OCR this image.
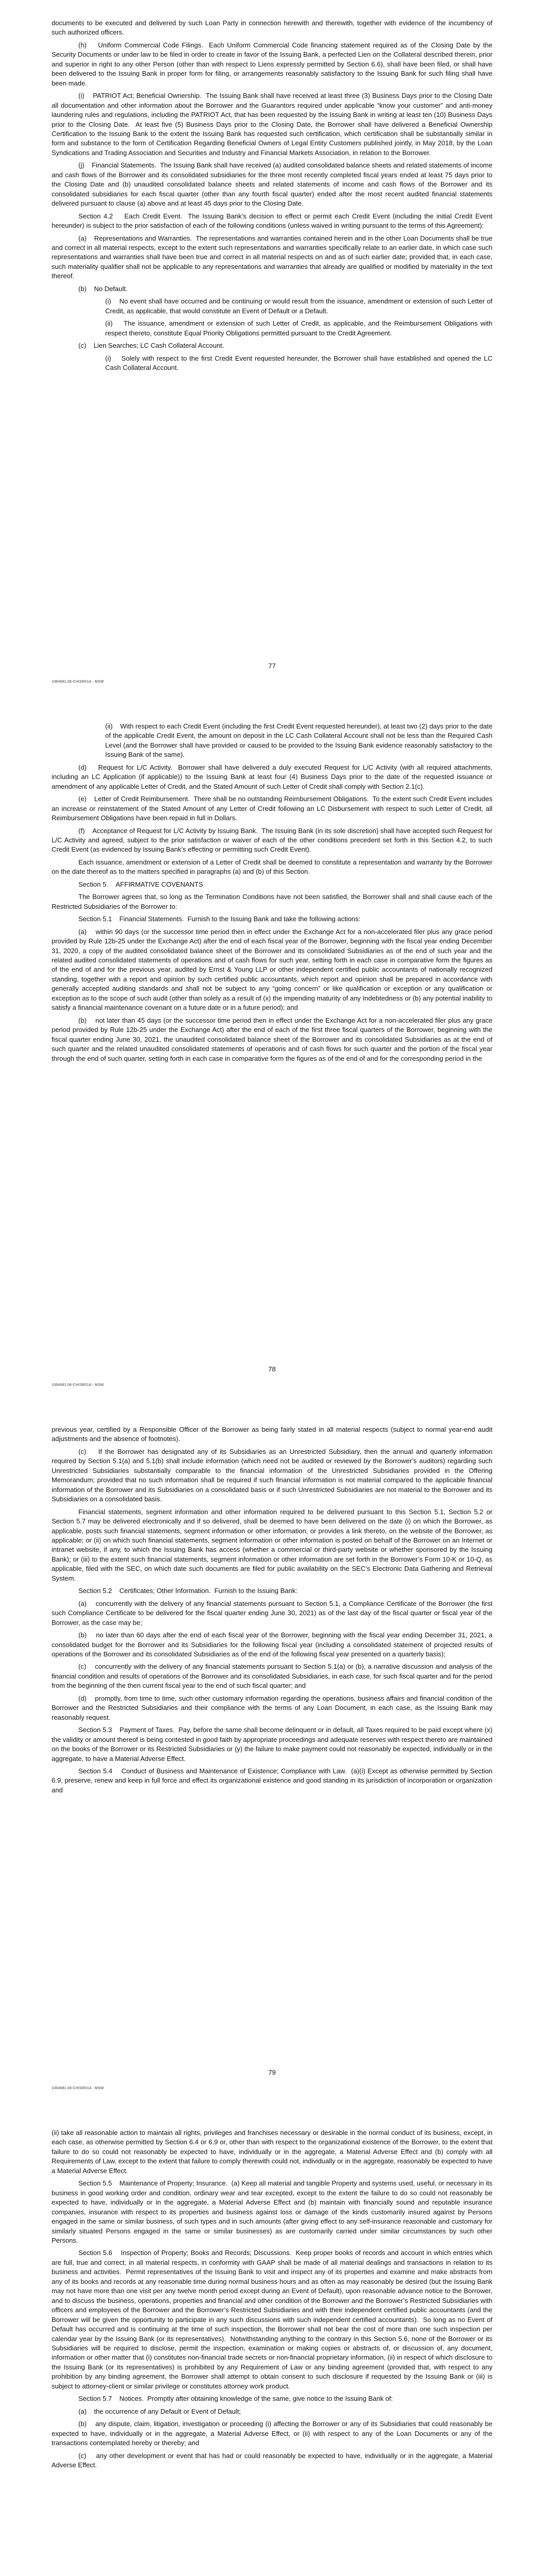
documents to be executed and delivered by such Loan Party in connection herewith and therewith, together with evidence of the incumbency of such authorized officers.

(h)    Uniform Commercial Code Filings.  Each Uniform Commercial Code financing statement required as of the Closing Date by the Security Documents or under law to be filed in order to create in favor of the Issuing Bank, a perfected Lien on the Collateral described therein, prior and superior in right to any other Person (other than with respect to Liens expressly permitted by Section 6.6), shall have been filed, or shall have been delivered to the Issuing Bank in proper form for filing, or arrangements reasonably satisfactory to the Issuing Bank for such filing shall have been made.

(i)    PATRIOT Act; Beneficial Ownership.  The Issuing Bank shall have received at least three (3) Business Days prior to the Closing Date all documentation and other information about the Borrower and the Guarantors required under applicable “know your customer” and anti-money laundering rules and regulations, including the PATRIOT Act, that has been requested by the Issuing Bank in writing at least ten (10) Business Days prior to the Closing Date.  At least five (5) Business Days prior to the Closing Date, the Borrower shall have delivered a Beneficial Ownership Certification to the Issuing Bank to the extent the Issuing Bank has requested such certification, which certification shall be substantially similar in form and substance to the form of Certification Regarding Beneficial Owners of Legal Entity Customers published jointly, in May 2018, by the Loan Syndications and Trading Association and Securities and Industry and Financial Markets Association, in relation to the Borrower.

(j)    Financial Statements.  The Issuing Bank shall have received (a) audited consolidated balance sheets and related statements of income and cash flows of the Borrower and its consolidated subsidiaries for the three most recently completed fiscal years ended at least 75 days prior to the Closing Date and (b) unaudited consolidated balance sheets and related statements of income and cash flows of the Borrower and its consolidated subsidiaries for each fiscal quarter (other than any fourth fiscal quarter) ended after the most recent audited financial statements delivered pursuant to clause (a) above and at least 45 days prior to the Closing Date.

Section 4.2    Each Credit Event.  The Issuing Bank’s decision to effect or permit each Credit Event (including the initial Credit Event hereunder) is subject to the prior satisfaction of each of the following conditions (unless waived in writing pursuant to the terms of this Agreement):

(a)    Representations and Warranties.  The representations and warranties contained herein and in the other Loan Documents shall be true and correct in all material respects, except to the extent such representations and warranties specifically relate to an earlier date, in which case such representations and warranties shall have been true and correct in all material respects on and as of such earlier date; provided that, in each case, such materiality qualifier shall not be applicable to any representations and warranties that already are qualified or modified by materiality in the text thereof.

(b)    No Default.

(i)    No event shall have occurred and be continuing or would result from the issuance, amendment or extension of such Letter of Credit, as applicable, that would constitute an Event of Default or a Default.

(ii)    The issuance, amendment or extension of such Letter of Credit, as applicable, and the Reimbursement Obligations with respect thereto, constitute Equal Priority Obligations permitted pursuant to the Credit Agreement.

(c)    Lien Searches; LC Cash Collateral Account.

(i)    Solely with respect to the first Credit Event requested hereunder, the Borrower shall have established and opened the LC Cash Collateral Account.

77
1064681.06-CHISR01A - MSW

(ii)    With respect to each Credit Event (including the first Credit Event requested hereunder), at least two (2) days prior to the date of the applicable Credit Event, the amount on deposit in the LC Cash Collateral Account shall not be less than the Required Cash Level (and the Borrower shall have provided or caused to be provided to the Issuing Bank evidence reasonably satisfactory to the Issuing Bank of the same).

(d)    Request for L/C Activity.  Borrower shall have delivered a duly executed Request for L/C Activity (with all required attachments, including an LC Application (if applicable)) to the Issuing Bank at least four (4) Business Days prior to the date of the requested issuance or amendment of any applicable Letter of Credit, and the Stated Amount of such Letter of Credit shall comply with Section 2.1(c).

(e)    Letter of Credit Reimbursement.  There shall be no outstanding Reimbursement Obligations.  To the extent such Credit Event includes an increase or reinstatement of the Stated Amount of any Letter of Credit following an LC Disbursement with respect to such Letter of Credit, all Reimbursement Obligations have been repaid in full in Dollars.

(f)    Acceptance of Request for L/C Activity by Issuing Bank.  The Issuing Bank (in its sole discretion) shall have accepted such Request for L/C Activity and agreed, subject to the prior satisfaction or waiver of each of the other conditions precedent set forth in this Section 4.2, to such Credit Event (as evidenced by Issuing Bank’s effecting or permitting such Credit Event).

Each issuance, amendment or extension of a Letter of Credit shall be deemed to constitute a representation and warranty by the Borrower on the date thereof as to the matters specified in paragraphs (a) and (b) of this Section.

Section 5.    AFFIRMATIVE COVENANTS

The Borrower agrees that, so long as the Termination Conditions have not been satisfied, the Borrower shall and shall cause each of the Restricted Subsidiaries of the Borrower to:

Section 5.1    Financial Statements.  Furnish to the Issuing Bank and take the following actions:

(a)    within 90 days (or the successor time period then in effect under the Exchange Act for a non-accelerated filer plus any grace period provided by Rule 12b-25 under the Exchange Act) after the end of each fiscal year of the Borrower, beginning with the fiscal year ending December 31, 2020, a copy of the audited consolidated balance sheet of the Borrower and its consolidated Subsidiaries as of the end of such year and the related audited consolidated statements of operations and of cash flows for such year, setting forth in each case in comparative form the figures as of the end of and for the previous year, audited by Ernst & Young LLP or other independent certified public accountants of nationally recognized standing, together with a report and opinion by such certified public accountants, which report and opinion shall be prepared in accordance with generally accepted auditing standards and shall not be subject to any “going concern” or like qualification or exception or any qualification or exception as to the scope of such audit (other than solely as a result of (x) the impending maturity of any Indebtedness or (b) any potential inability to satisfy a financial maintenance covenant on a future date or in a future period); and

(b)    not later than 45 days (or the successor time period then in effect under the Exchange Act for a non-accelerated filer plus any grace period provided by Rule 12b-25 under the Exchange Act) after the end of each of the first three fiscal quarters of the Borrower, beginning with the fiscal quarter ending June 30, 2021, the unaudited consolidated balance sheet of the Borrower and its consolidated Subsidiaries as at the end of such quarter and the related unaudited consolidated statements of operations and of cash flows for such quarter and the portion of the fiscal year through the end of such quarter, setting forth in each case in comparative form the figures as of the end of and for the corresponding period in the

78
1064681.06-CHISR01A - MSW

previous year, certified by a Responsible Officer of the Borrower as being fairly stated in all material respects (subject to normal year-end audit adjustments and the absence of footnotes).

(c)    If the Borrower has designated any of its Subsidiaries as an Unrestricted Subsidiary, then the annual and quarterly information required by Section 5.1(a) and 5.1(b) shall include information (which need not be audited or reviewed by the Borrower’s auditors) regarding such Unrestricted Subsidiaries substantially comparable to the financial information of the Unrestricted Subsidiaries provided in the Offering Memorandum; provided that no such information shall be required if such financial information is not material compared to the applicable financial information of the Borrower and its Subsidiaries on a consolidated basis or if such Unrestricted Subsidiaries are not material to the Borrower and its Subsidiaries on a consolidated basis.

Financial statements, segment information and other information required to be delivered pursuant to this Section 5.1, Section 5.2 or Section 5.7 may be delivered electronically and if so delivered, shall be deemed to have been delivered on the date (i) on which the Borrower, as applicable, posts such financial statements, segment information or other information, or provides a link thereto, on the website of the Borrower, as applicable; or (ii) on which such financial statements, segment information or other information is posted on behalf of the Borrower on an Internet or intranet website, if any, to which the Issuing Bank has access (whether a commercial or third-party website or whether sponsored by the Issuing Bank); or (iii) to the extent such financial statements, segment information or other information are set forth in the Borrower’s Form 10-K or 10-Q, as applicable, filed with the SEC, on which date such documents are filed for public availability on the SEC’s Electronic Data Gathering and Retrieval System.

Section 5.2    Certificates; Other Information.  Furnish to the Issuing Bank:

(a)    concurrently with the delivery of any financial statements pursuant to Section 5.1, a Compliance Certificate of the Borrower (the first such Compliance Certificate to be delivered for the fiscal quarter ending June 30, 2021) as of the last day of the fiscal quarter or fiscal year of the Borrower, as the case may be;

(b)    no later than 60 days after the end of each fiscal year of the Borrower, beginning with the fiscal year ending December 31, 2021, a consolidated budget for the Borrower and its Subsidiaries for the following fiscal year (including a consolidated statement of projected results of operations of the Borrower and its consolidated Subsidiaries as of the end of the following fiscal year presented on a quarterly basis);

(c)    concurrently with the delivery of any financial statements pursuant to Section 5.1(a) or (b), a narrative discussion and analysis of the financial condition and results of operations of the Borrower and its consolidated Subsidiaries, in each case, for such fiscal quarter and for the period from the beginning of the then current fiscal year to the end of such fiscal quarter; and

(d)    promptly, from time to time, such other customary information regarding the operations, business affairs and financial condition of the Borrower and the Restricted Subsidiaries and their compliance with the terms of any Loan Document, in each case, as the Issuing Bank may reasonably request.

Section 5.3    Payment of Taxes.  Pay, before the same shall become delinquent or in default, all Taxes required to be paid except where (x) the validity or amount thereof is being contested in good faith by appropriate proceedings and adequate reserves with respect thereto are maintained on the books of the Borrower or its Restricted Subsidiaries or (y) the failure to make payment could not reasonably be expected, individually or in the aggregate, to have a Material Adverse Effect.

Section 5.4    Conduct of Business and Maintenance of Existence; Compliance with Law.  (a)(i) Except as otherwise permitted by Section 6.9, preserve, renew and keep in full force and effect its organizational existence and good standing in its jurisdiction of incorporation or organization and

79
1064681.06-CHISR01A - MSW

(ii) take all reasonable action to maintain all rights, privileges and franchises necessary or desirable in the normal conduct of its business, except, in each case, as otherwise permitted by Section 6.4 or 6.9 or, other than with respect to the organizational existence of the Borrower, to the extent that failure to do so could not reasonably be expected to have, individually or in the aggregate, a Material Adverse Effect and (b) comply with all Requirements of Law, except to the extent that failure to comply therewith could not, individually or in the aggregate, reasonably be expected to have a Material Adverse Effect.

Section 5.5    Maintenance of Property; Insurance.  (a) Keep all material and tangible Property and systems used, useful, or necessary in its business in good working order and condition, ordinary wear and tear excepted, except to the extent the failure to do so could not reasonably be expected to have, individually or in the aggregate, a Material Adverse Effect and (b) maintain with financially sound and reputable insurance companies, insurance with respect to its properties and business against loss or damage of the kinds customarily insured against by Persons engaged in the same or similar business, of such types and in such amounts (after giving effect to any self-insurance reasonable and customary for similarly situated Persons engaged in the same or similar businesses) as are customarily carried under similar circumstances by such other Persons.

Section 5.6    Inspection of Property; Books and Records; Discussions.  Keep proper books of records and account in which entries which are full, true and correct, in all material respects, in conformity with GAAP shall be made of all material dealings and transactions in relation to its business and activities.  Permit representatives of the Issuing Bank to visit and inspect any of its properties and examine and make abstracts from any of its books and records at any reasonable time during normal business hours and as often as may reasonably be desired (but the Issuing Bank may not have more than one visit per any twelve month period except during an Event of Default), upon reasonable advance notice to the Borrower, and to discuss the business, operations, properties and financial and other condition of the Borrower and the Borrower’s Restricted Subsidiaries with officers and employees of the Borrower and the Borrower’s Restricted Subsidiaries and with their independent certified public accountants (and the Borrower will be given the opportunity to participate in any such discussions with such independent certified accountants).  So long as no Event of Default has occurred and is continuing at the time of such inspection, the Borrower shall not bear the cost of more than one such inspection per calendar year by the Issuing Bank (or its representatives).  Notwithstanding anything to the contrary in this Section 5.6, none of the Borrower or its Subsidiaries will be required to disclose, permit the inspection, examination or making copies or abstracts of, or discussion of, any document, information or other matter that (i) constitutes non-financial trade secrets or non-financial proprietary information, (ii) in respect of which disclosure to the Issuing Bank (or its representatives) is prohibited by any Requirement of Law or any binding agreement (provided that, with respect to any prohibition by any binding agreement, the Borrower shall attempt to obtain consent to such disclosure if requested by the Issuing Bank or (iii) is subject to attorney-client or similar privilege or constitutes attorney work product.

Section 5.7    Notices.  Promptly after obtaining knowledge of the same, give notice to the Issuing Bank of:

(a)    the occurrence of any Default or Event of Default;

(b)    any dispute, claim, litigation, investigation or proceeding (i) affecting the Borrower or any of its Subsidiaries that could reasonably be expected to have, individually or in the aggregate, a Material Adverse Effect, or (ii) with respect to any of the Loan Documents or any of the transactions contemplated hereby or thereby; and

(c)    any other development or event that has had or could reasonably be expected to have, individually or in the aggregate, a Material Adverse Effect.
